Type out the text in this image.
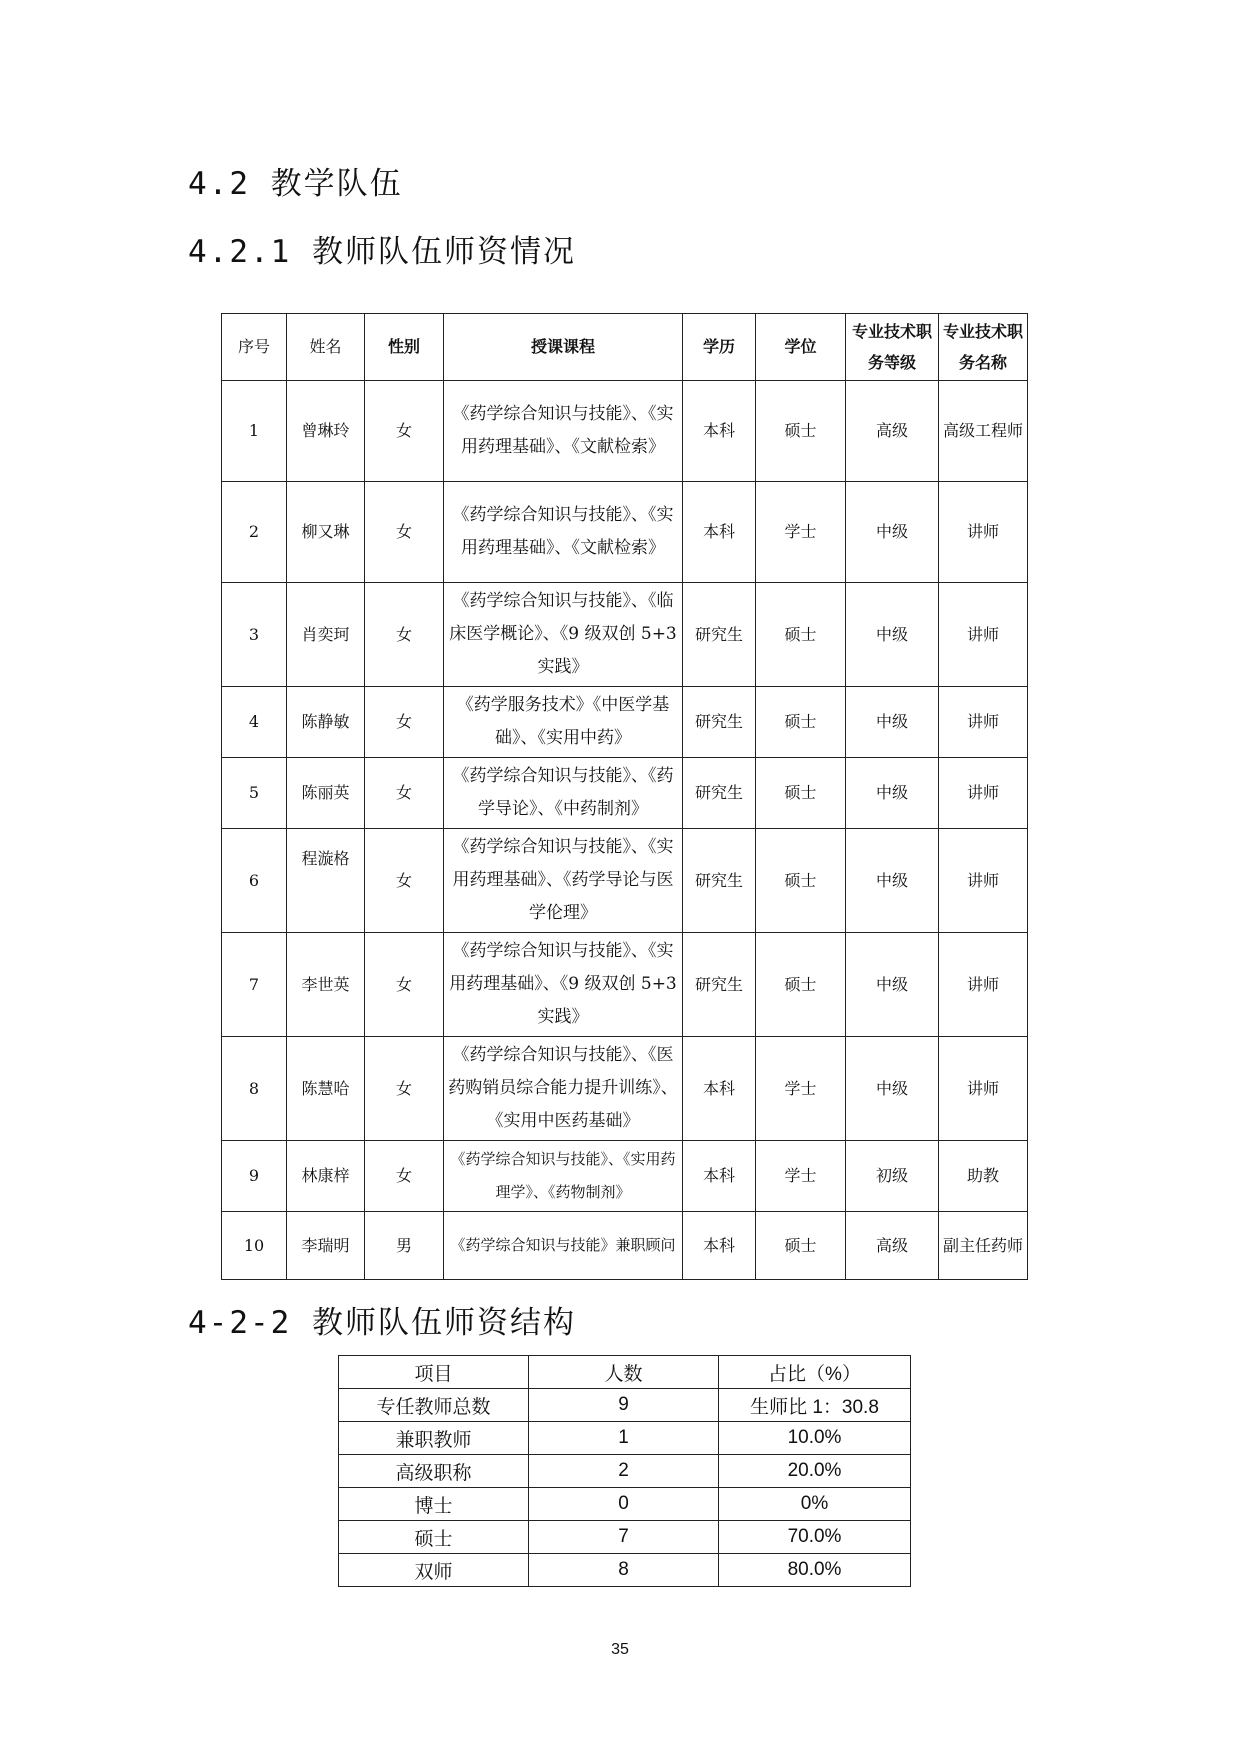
4.2 教学队伍
4.2.1 教师队伍师资情况
序号	姓名	性别	授课课程	学历	学位	专业技术职务等级	专业技术职务名称
1	曾琳玲	女	《药学综合知识与技能》、《实用药理基础》、《文献检索》	本科	硕士	高级	高级工程师
2	柳又琳	女	《药学综合知识与技能》、《实用药理基础》、《文献检索》	本科	学士	中级	讲师
3	肖奕珂	女	《药学综合知识与技能》、《临床医学概论》、《9 级双创 5+3 实践》	研究生	硕士	中级	讲师
4	陈静敏	女	《药学服务技术》《中医学基础》、《实用中药》	研究生	硕士	中级	讲师
5	陈丽英	女	《药学综合知识与技能》、《药学导论》、《中药制剂》	研究生	硕士	中级	讲师
6	程漩格	女	《药学综合知识与技能》、《实用药理基础》、《药学导论与医学伦理》	研究生	硕士	中级	讲师
7	李世英	女	《药学综合知识与技能》、《实用药理基础》、《9 级双创 5+3 实践》	研究生	硕士	中级	讲师
8	陈慧哈	女	《药学综合知识与技能》、《医药购销员综合能力提升训练》、《实用中医药基础》	本科	学士	中级	讲师
9	林康梓	女	《药学综合知识与技能》、《实用药理学》、《药物制剂》	本科	学士	初级	助教
10	李瑞明	男	《药学综合知识与技能》兼职顾问	本科	硕士	高级	副主任药师
4-2-2 教师队伍师资结构
项目	人数	占比（%）
专任教师总数	9	生师比 1：30.8
兼职教师	1	10.0%
高级职称	2	20.0%
博士	0	0%
硕士	7	70.0%
双师	8	80.0%
35
